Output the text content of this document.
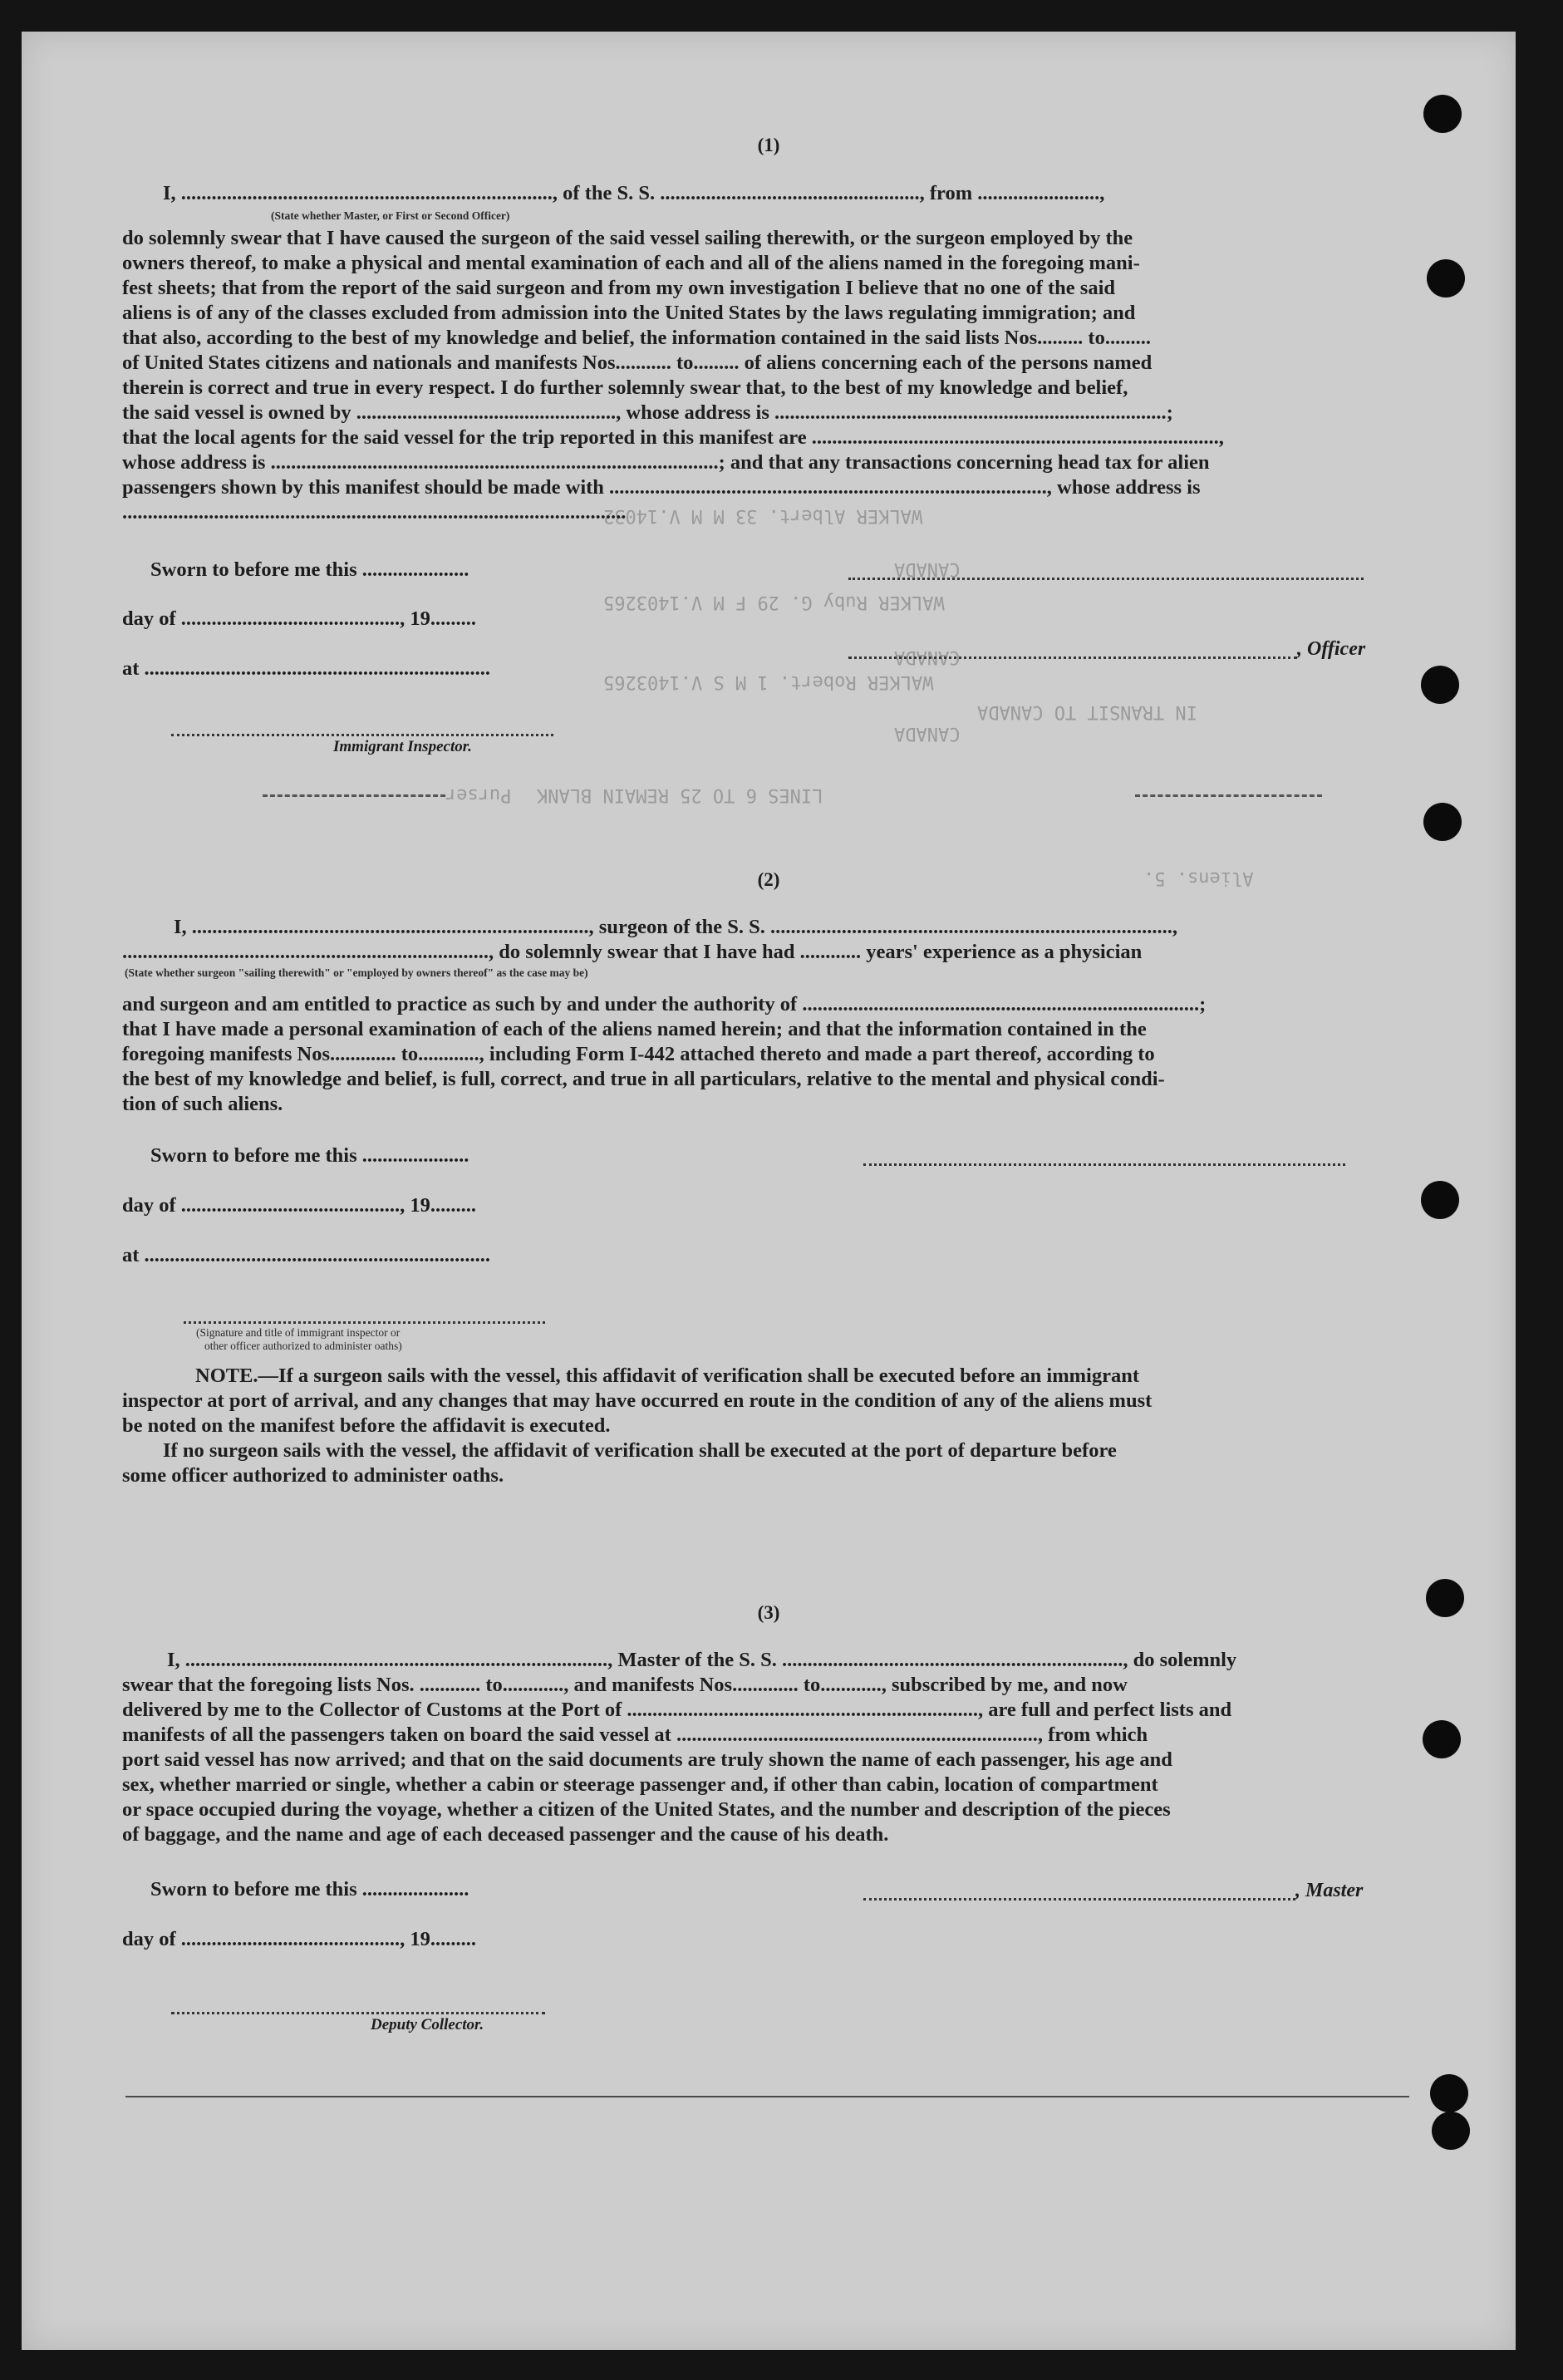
WALKER Albert. 33 M M V.14032
CANADA
WALKER Ruby G. 29 F M V.1403265
CANADA
WALKER Robert. 1 M S V.1403265
CANADA
IN TRANSIT TO CANADA
LINES 6 TO 25 REMAIN BLANK
Aliens. 5.
Purser
(1)
I, ........................................................................., of the S. S. ..................................................., from ........................,
(State whether Master, or First or Second Officer)
do solemnly swear that I have caused the surgeon of the said vessel sailing therewith, or the surgeon employed by the
owners thereof, to make a physical and mental examination of each and all of the aliens named in the foregoing mani-
fest sheets; that from the report of the said surgeon and from my own investigation I believe that no one of the said
aliens is of any of the classes excluded from admission into the United States by the laws regulating immigration; and
that also, according to the best of my knowledge and belief, the information contained in the said lists Nos......... to.........
of United States citizens and nationals and manifests Nos........... to......... of aliens concerning each of the persons named
therein is correct and true in every respect. I do further solemnly swear that, to the best of my knowledge and belief,
the said vessel is owned by ..................................................., whose address is .............................................................................;
that the local agents for the said vessel for the trip reported in this manifest are ................................................................................,
whose address is ........................................................................................; and that any transactions concerning head tax for alien
passengers shown by this manifest should be made with ......................................................................................, whose address is
...................................................................................................
Sworn to before me this .....................
day of ..........................................., 19.........
, Officer
at ....................................................................
Immigrant Inspector.
(2)
I, .............................................................................., surgeon of the S. S. ...............................................................................,
........................................................................, do solemnly swear that I have had ............ years' experience as a physician
(State whether surgeon "sailing therewith" or "employed by owners thereof" as the case may be)
and surgeon and am entitled to practice as such by and under the authority of ..............................................................................;
that I have made a personal examination of each of the aliens named herein; and that the information contained in the
foregoing manifests Nos............. to............, including Form I-442 attached thereto and made a part thereof, according to
the best of my knowledge and belief, is full, correct, and true in all particulars, relative to the mental and physical condi-
tion of such aliens.
Sworn to before me this .....................
day of ..........................................., 19.........
at ....................................................................
(Signature and title of immigrant inspector or
other officer authorized to administer oaths)
NOTE.—If a surgeon sails with the vessel, this affidavit of verification shall be executed before an immigrant
inspector at port of arrival, and any changes that may have occurred en route in the condition of any of the aliens must
be noted on the manifest before the affidavit is executed.
If no surgeon sails with the vessel, the affidavit of verification shall be executed at the port of departure before
some officer authorized to administer oaths.
(3)
I, ..................................................................................., Master of the S. S. ..................................................................., do solemnly
swear that the foregoing lists Nos. ............ to............, and manifests Nos............. to............, subscribed by me, and now
delivered by me to the Collector of Customs at the Port of ....................................................................., are full and perfect lists and
manifests of all the passengers taken on board the said vessel at ......................................................................., from which
port said vessel has now arrived; and that on the said documents are truly shown the name of each passenger, his age and
sex, whether married or single, whether a cabin or steerage passenger and, if other than cabin, location of compartment
or space occupied during the voyage, whether a citizen of the United States, and the number and description of the pieces
of baggage, and the name and age of each deceased passenger and the cause of his death.
Sworn to before me this .....................	, Master
day of ..........................................., 19.........
Deputy Collector.
